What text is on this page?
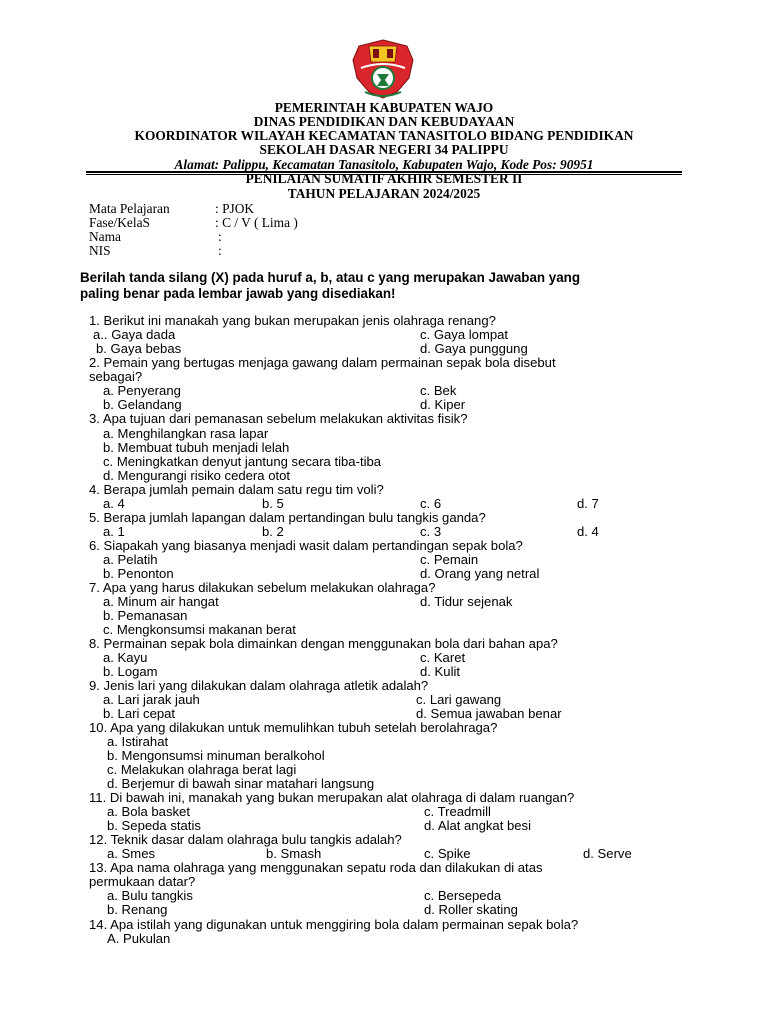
PEMERINTAH KABUPATEN WAJO
DINAS PENDIDIKAN DAN KEBUDAYAAN
KOORDINATOR WILAYAH KECAMATAN TANASITOLO BIDANG PENDIDIKAN
SEKOLAH DASAR NEGERI 34 PALIPPU
Alamat: Palippu, Kecamatan Tanasitolo, Kabupaten Wajo, Kode Pos: 90951
PENILAIAN SUMATIF AKHIR SEMESTER II
TAHUN PELAJARAN 2024/2025
Mata Pelajaran	: PJOK
Fase/KelaS	: C / V ( Lima )
Nama	:
NIS	:
Berilah tanda silang (X) pada huruf a, b, atau c yang merupakan Jawaban yang
paling benar pada lembar jawab yang disediakan!
1. Berikut ini manakah yang bukan merupakan jenis olahraga renang?
a.. Gaya dada	c. Gaya lompat
b. Gaya bebas	d. Gaya punggung
2. Pemain yang bertugas menjaga gawang dalam permainan sepak bola disebut
sebagai?
a. Penyerang	c. Bek
b. Gelandang	d. Kiper
3. Apa tujuan dari pemanasan sebelum melakukan aktivitas fisik?
a. Menghilangkan rasa lapar
b. Membuat tubuh menjadi lelah
c. Meningkatkan denyut jantung secara tiba-tiba
d. Mengurangi risiko cedera otot
4. Berapa jumlah pemain dalam satu regu tim voli?
a. 4	b. 5	c. 6	d. 7
5. Berapa jumlah lapangan dalam pertandingan bulu tangkis ganda?
a. 1	b. 2	c. 3	d. 4
6. Siapakah yang biasanya menjadi wasit dalam pertandingan sepak bola?
a. Pelatih	c. Pemain
b. Penonton	d. Orang yang netral
7. Apa yang harus dilakukan sebelum melakukan olahraga?
a. Minum air hangat	d. Tidur sejenak
b. Pemanasan
c. Mengkonsumsi makanan berat
8. Permainan sepak bola dimainkan dengan menggunakan bola dari bahan apa?
a. Kayu	c. Karet
b. Logam	d. Kulit
9. Jenis lari yang dilakukan dalam olahraga atletik adalah?
a. Lari jarak jauh	c. Lari gawang
b. Lari cepat	d. Semua jawaban benar
10. Apa yang dilakukan untuk memulihkan tubuh setelah berolahraga?
a. Istirahat
b. Mengonsumsi minuman beralkohol
c. Melakukan olahraga berat lagi
d. Berjemur di bawah sinar matahari langsung
11. Di bawah ini, manakah yang bukan merupakan alat olahraga di dalam ruangan?
a. Bola basket	c. Treadmill
b. Sepeda statis	d. Alat angkat besi
12. Teknik dasar dalam olahraga bulu tangkis adalah?
a. Smes	b. Smash	c. Spike	d. Serve
13. Apa nama olahraga yang menggunakan sepatu roda dan dilakukan di atas
permukaan datar?
a. Bulu tangkis	c. Bersepeda
b. Renang	d. Roller skating
14. Apa istilah yang digunakan untuk menggiring bola dalam permainan sepak bola?
A. Pukulan
